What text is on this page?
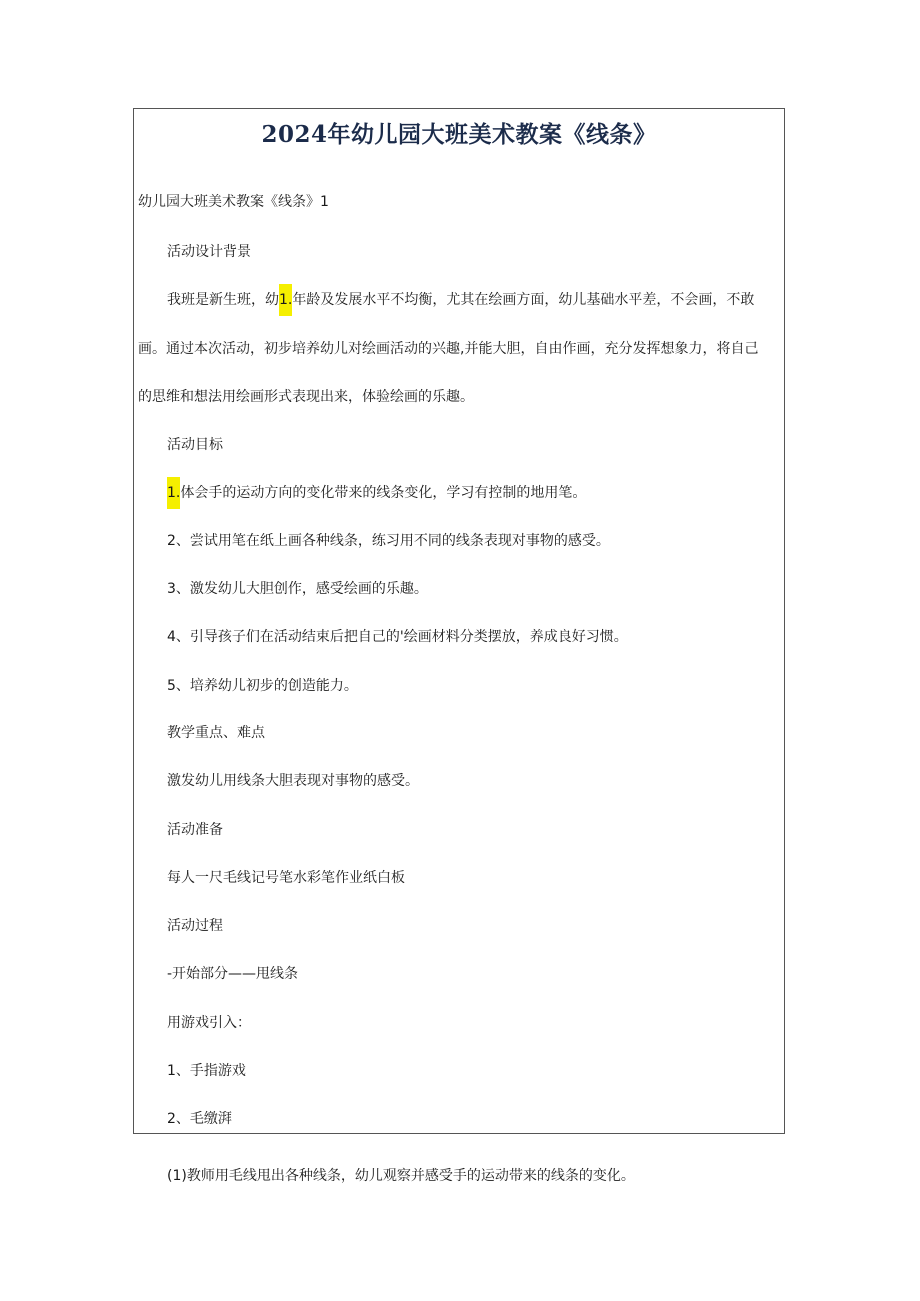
2024年幼儿园大班美术教案《线条》
幼儿园大班美术教案《线条》1
活动设计背景
我班是新生班，幼1.年龄及发展水平不均衡，尤其在绘画方面，幼儿基础水平差，不会画，不敢
画。通过本次活动，初步培养幼儿对绘画活动的兴趣,并能大胆，自由作画，充分发挥想象力，将自己
的思维和想法用绘画形式表现出来，体验绘画的乐趣。
活动目标
1.体会手的运动方向的变化带来的线条变化，学习有控制的地用笔。
2、尝试用笔在纸上画各种线条，练习用不同的线条表现对事物的感受。
3、激发幼儿大胆创作，感受绘画的乐趣。
4、引导孩子们在活动结束后把自己的'绘画材料分类摆放，养成良好习惯。
5、培养幼儿初步的创造能力。
教学重点、难点
激发幼儿用线条大胆表现对事物的感受。
活动准备
每人一尺毛线记号笔水彩笔作业纸白板
活动过程
-开始部分——甩线条
用游戏引入：
1、手指游戏
2、毛缴湃
(1)教师用毛线甩出各种线条，幼儿观察并感受手的运动带来的线条的变化。
